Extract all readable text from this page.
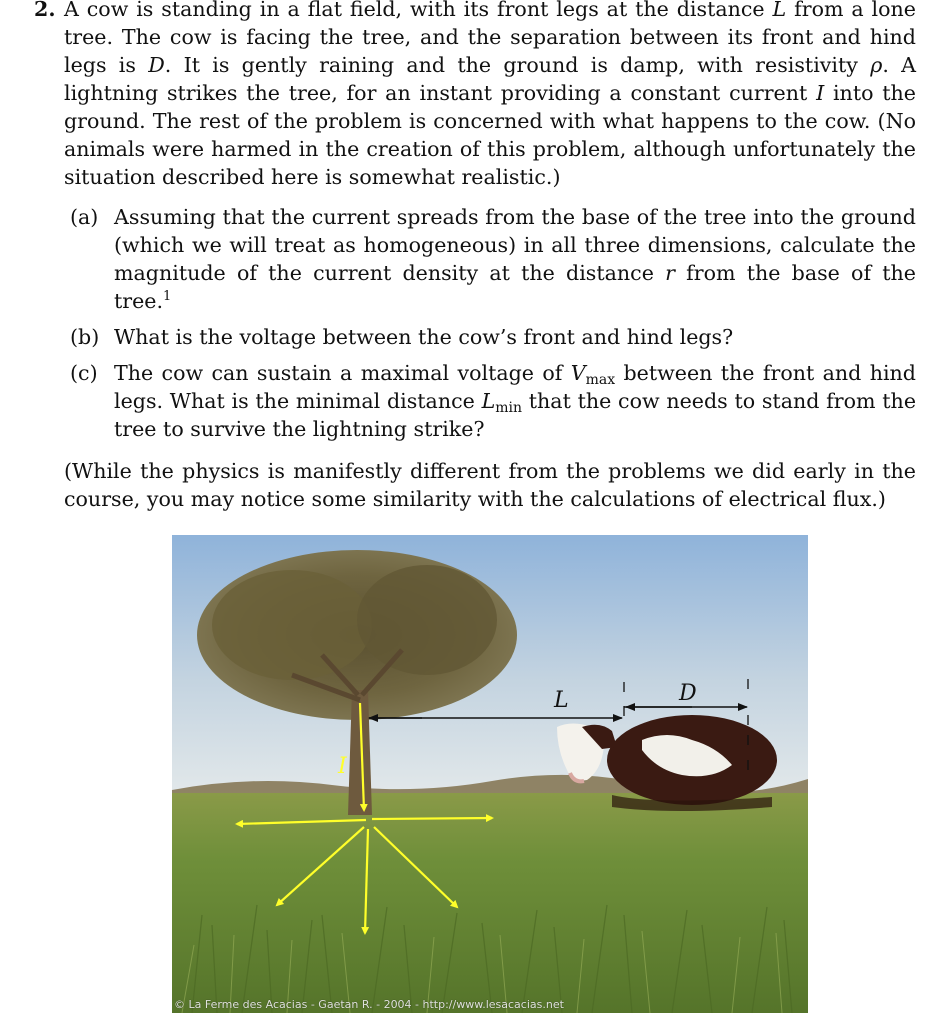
2. A cow is standing in a flat field, with its front legs at the distance L from a lone tree. The cow is facing the tree, and the separation between its front and hind legs is D. It is gently raining and the ground is damp, with resistivity ρ. A lightning strikes the tree, for an instant providing a constant current I into the ground. The rest of the problem is concerned with what happens to the cow. (No animals were harmed in the creation of this problem, although unfortunately the situation described here is somewhat realistic.)
(a) Assuming that the current spreads from the base of the tree into the ground (which we will treat as homogeneous) in all three dimensions, calculate the magnitude of the current density at the distance r from the base of the tree.$^1$
(b) What is the voltage between the cow’s front and hind legs?
(c) The cow can sustain a maximal voltage of $V_{max}$ between the front and hind legs. What is the minimal distance $L_{min}$ that the cow needs to stand from the tree to survive the lightning strike?
(While the physics is manifestly different from the problems we did early in the course, you may notice some similarity with the calculations of electrical flux.)
L	D
I
© La Ferme des Acacias - Gaetan R. - 2004 - http://www.lesacacias.net
